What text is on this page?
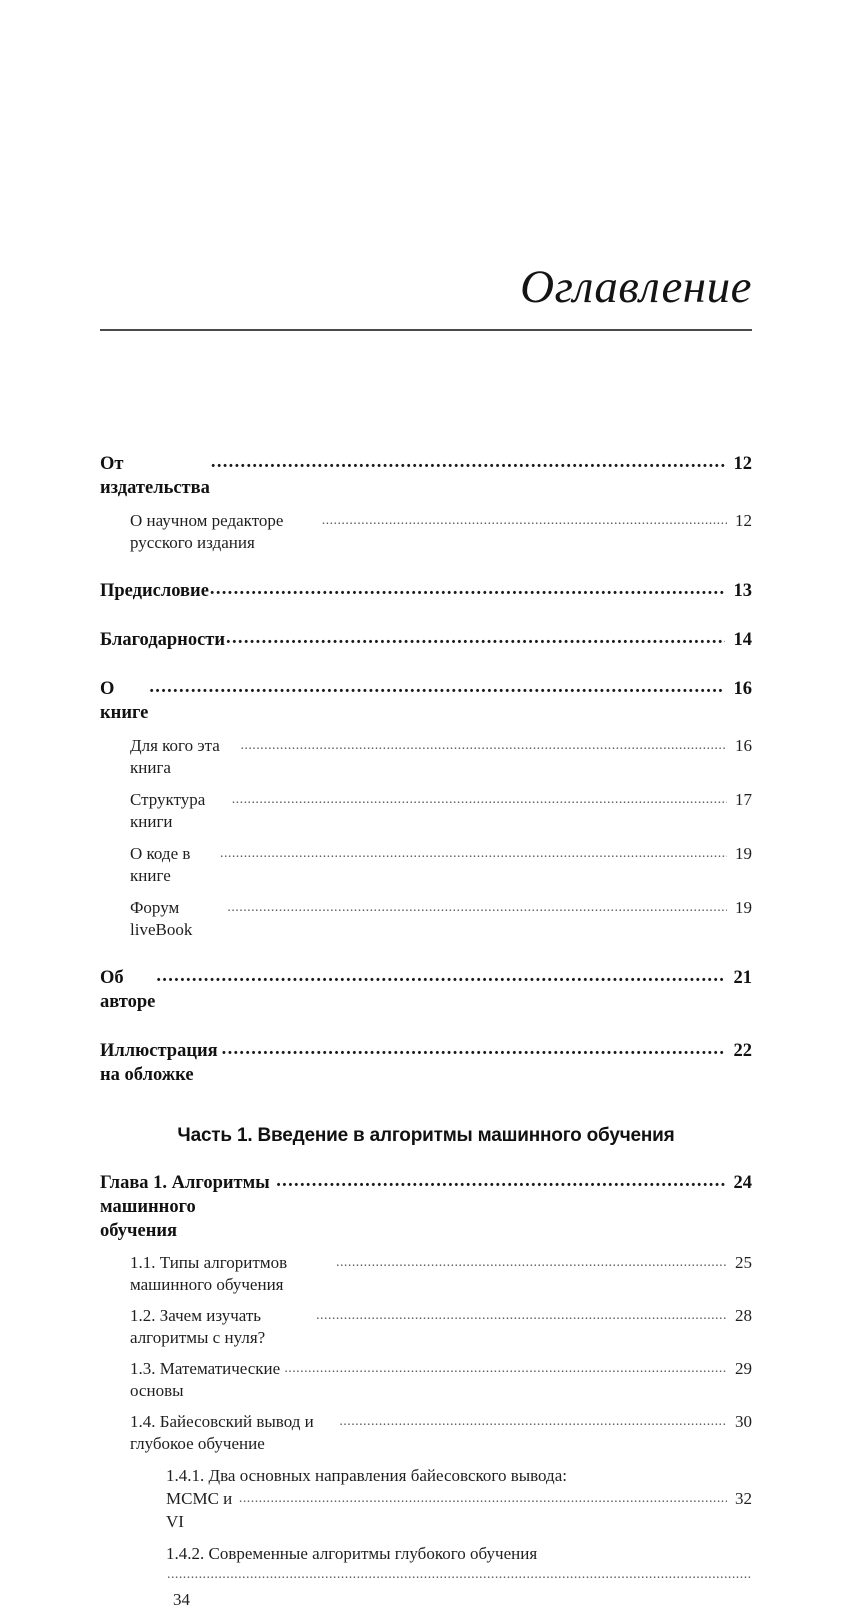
Оглавление
От издательства
.....
12
О научном редакторе русского издания
.....
12
Предисловие .....	13
Благодарности .....	14
О книге
.....
16
Для кого эта книга
.....
16
Структура книги
.....
17
О коде в книге
.....
19
Форум liveBook
.....
19
Об авторе
.....
21
Иллюстрация на обложке
.....
22
Часть 1. Введение в алгоритмы машинного обучения
Глава 1. Алгоритмы машинного обучения
.....
24
1.1. Типы алгоритмов машинного обучения
.....
25
1.2. Зачем изучать алгоритмы с нуля?
.....
28
1.3. Математические основы
.....
29
1.4. Байесовский вывод и глубокое обучение
.....
30
1.4.1. Два основных направления байесовского вывода:
MCMC и VI
.....
32
1.4.2. Современные алгоритмы глубокого обучения
.....
34
